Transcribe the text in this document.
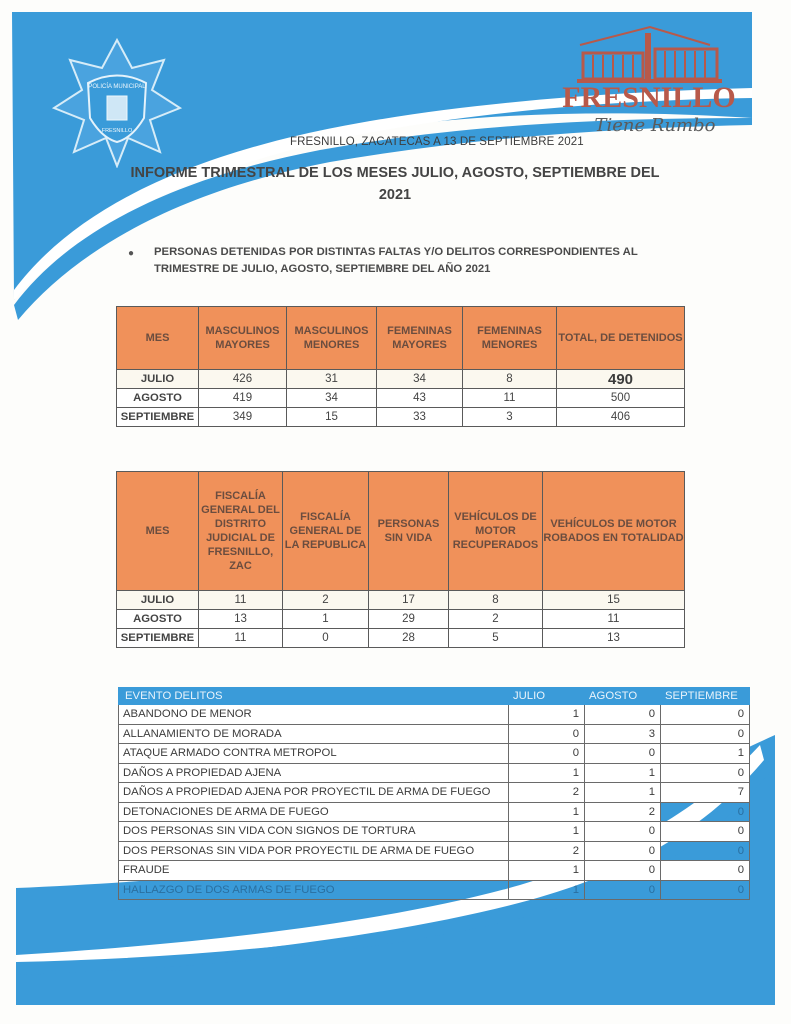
POLICÍA MUNICIPAL
FRESNILLO
FRESNILLO
Tiene Rumbo
FRESNILLO, ZACATECAS A 13 DE SEPTIEMBRE 2021
INFORME TRIMESTRAL DE LOS MESES JULIO, AGOSTO, SEPTIEMBRE DEL
2021
●	PERSONAS DETENIDAS POR DISTINTAS FALTAS Y/O DELITOS CORRESPONDIENTES AL
TRIMESTRE DE JULIO, AGOSTO, SEPTIEMBRE DEL AÑO 2021
MES	MASCULINOS MAYORES	MASCULINOS MENORES	FEMENINAS MAYORES	FEMENINAS MENORES	TOTAL, DE DETENIDOS
JULIO	426	31	34	8	490
AGOSTO	419	34	43	11	500
SEPTIEMBRE	349	15	33	3	406
MES	FISCALÍA GENERAL DEL DISTRITO JUDICIAL DE FRESNILLO, ZAC	FISCALÍA GENERAL DE LA REPUBLICA	PERSONAS SIN VIDA	VEHÍCULOS DE MOTOR RECUPERADOS	VEHÍCULOS DE MOTOR ROBADOS EN TOTALIDAD
JULIO	11	2	17	8	15
AGOSTO	13	1	29	2	11
SEPTIEMBRE	11	0	28	5	13
EVENTO DELITOS	JULIO	AGOSTO	SEPTIEMBRE
ABANDONO DE MENOR	1	0	0
ALLANAMIENTO DE MORADA	0	3	0
ATAQUE ARMADO CONTRA METROPOL	0	0	1
DAÑOS A PROPIEDAD AJENA	1	1	0
DAÑOS A PROPIEDAD AJENA POR PROYECTIL DE ARMA DE FUEGO	2	1	7
DETONACIONES DE ARMA DE FUEGO	1	2	0
DOS PERSONAS SIN VIDA CON SIGNOS DE TORTURA	1	0	0
DOS PERSONAS SIN VIDA POR PROYECTIL DE ARMA DE FUEGO	2	0	0
FRAUDE	1	0	0
HALLAZGO DE DOS ARMAS DE FUEGO	1	0	0
